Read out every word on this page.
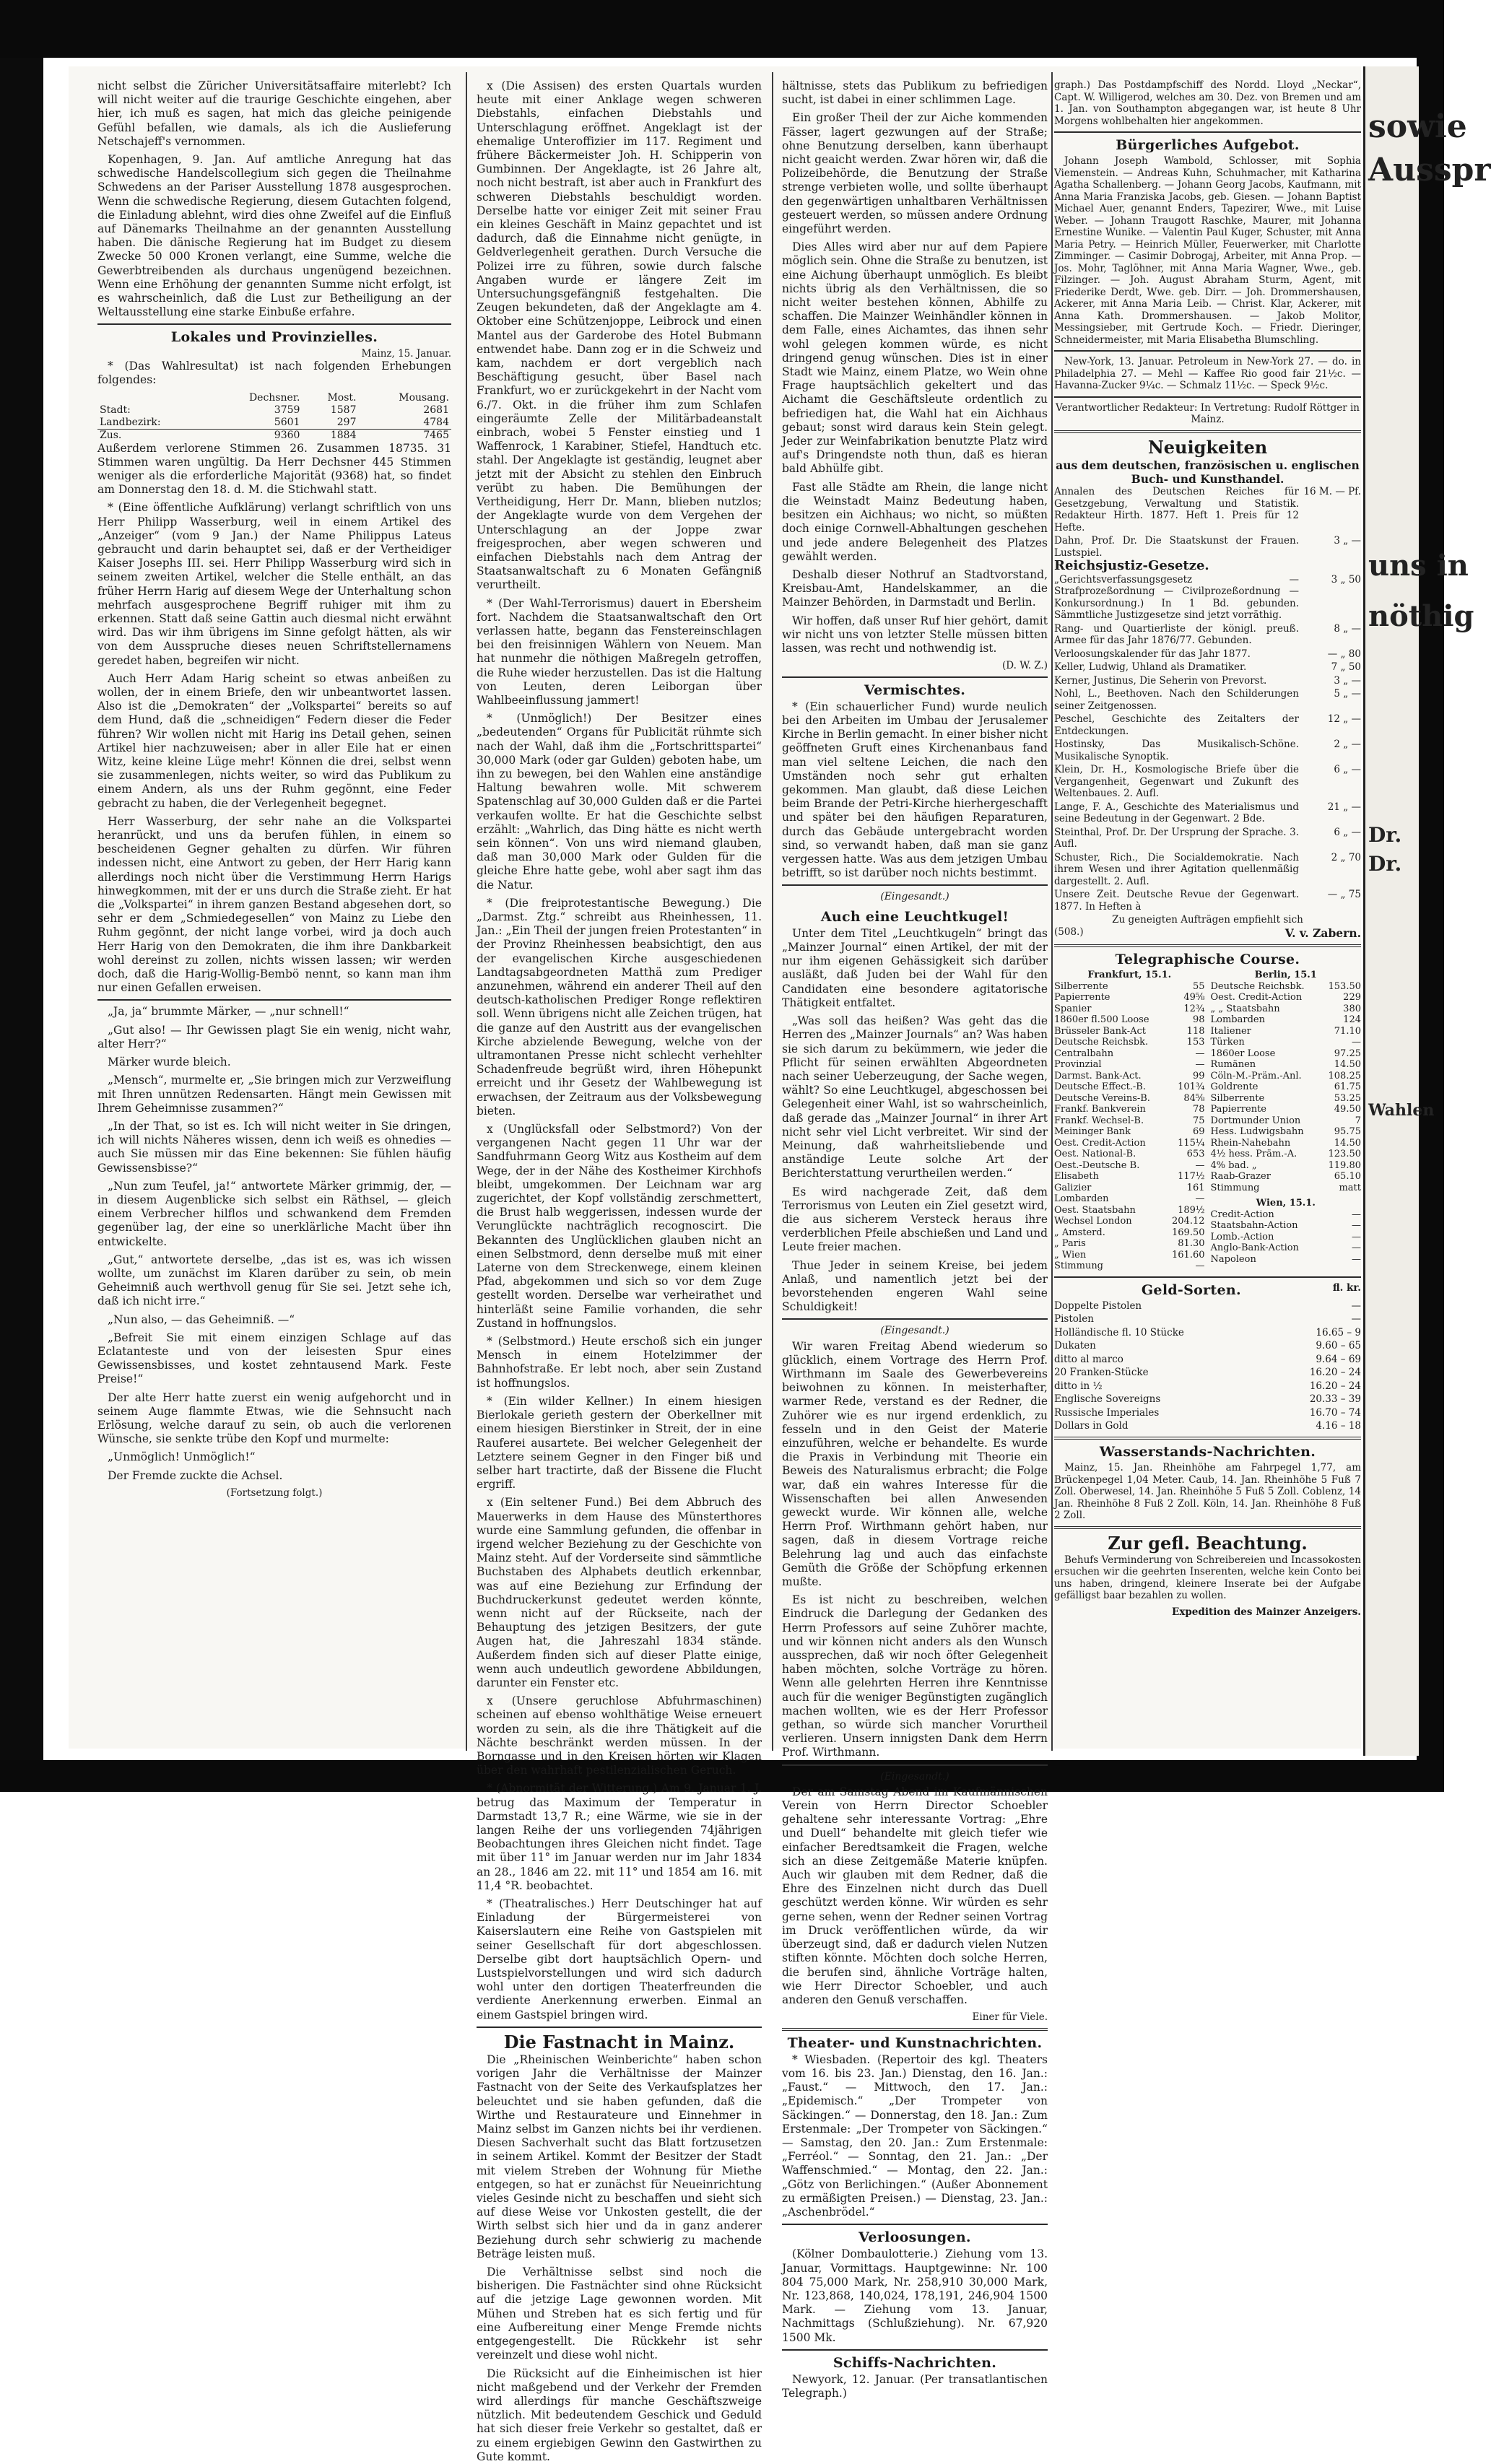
sowie
Ausspr
uns in
nöthig
Wahlen
Dr.
Dr.

nicht selbst die Züricher Universitätsaffaire miterlebt? Ich will nicht weiter auf die traurige Geschichte eingehen, aber hier, ich muß es sagen, hat mich das gleiche peinigende Gefühl befallen, wie damals, als ich die Auslieferung Netschajeff's vernommen.

Kopenhagen, 9. Jan. Auf amtliche Anregung hat das schwedische Handelscollegium sich gegen die Theilnahme Schwedens an der Pariser Ausstellung 1878 ausgesprochen. Wenn die schwedische Regierung, diesem Gutachten folgend, die Einladung ablehnt, wird dies ohne Zweifel auf die Einfluß auf Dänemarks Theilnahme an der genannten Ausstellung haben. Die dänische Regierung hat im Budget zu diesem Zwecke 50 000 Kronen verlangt, eine Summe, welche die Gewerbtreibenden als durchaus ungenügend bezeichnen. Wenn eine Erhöhung der genannten Summe nicht erfolgt, ist es wahrscheinlich, daß die Lust zur Betheiligung an der Weltausstellung eine starke Einbuße erfahre.

Lokales und Provinzielles.
Mainz, 15. Januar.

* (Das Wahlresultat) ist nach folgenden Erhebungen folgendes:

	Dechsner.	Most.	Mousang.
Stadt:	3759	1587	2681
Landbezirk:	5601	297	4784
Zus.	9360	1884	7465

Außerdem verlorene Stimmen 26. Zusammen 18735. 31 Stimmen waren ungültig. Da Herr Dechsner 445 Stimmen weniger als die erforderliche Majorität (9368) hat, so findet am Donnerstag den 18. d. M. die Stichwahl statt.

* (Eine öffentliche Aufklärung) verlangt schriftlich von uns Herr Philipp Wasserburg, weil in einem Artikel des „Anzeiger“ (vom 9 Jan.) der Name Philippus Lateus gebraucht und darin behauptet sei, daß er der Vertheidiger Kaiser Josephs III. sei. Herr Philipp Wasserburg wird sich in seinem zweiten Artikel, welcher die Stelle enthält, an das früher Herrn Harig auf diesem Wege der Unterhaltung schon mehrfach ausgesprochene Begriff ruhiger mit ihm zu erkennen. Statt daß seine Gattin auch diesmal nicht erwähnt wird. Das wir ihm übrigens im Sinne gefolgt hätten, als wir von dem Ausspruche dieses neuen Schriftstellernamens geredet haben, begreifen wir nicht.

Auch Herr Adam Harig scheint so etwas anbeißen zu wollen, der in einem Briefe, den wir unbeantwortet lassen. Also ist die „Demokraten“ der „Volkspartei“ bereits so auf dem Hund, daß die „schneidigen“ Federn dieser die Feder führen? Wir wollen nicht mit Harig ins Detail gehen, seinen Artikel hier nachzuweisen; aber in aller Eile hat er einen Witz, keine kleine Lüge mehr! Können die drei, selbst wenn sie zusammenlegen, nichts weiter, so wird das Publikum zu einem Andern, als uns der Ruhm gegönnt, eine Feder gebracht zu haben, die der Verlegenheit begegnet.

Herr Wasserburg, der sehr nahe an die Volkspartei heranrückt, und uns da berufen fühlen, in einem so bescheidenen Gegner gehalten zu dürfen. Wir führen indessen nicht, eine Antwort zu geben, der Herr Harig kann allerdings noch nicht über die Verstimmung Herrn Harigs hinwegkommen, mit der er uns durch die Straße zieht. Er hat die „Volkspartei“ in ihrem ganzen Bestand abgesehen dort, so sehr er dem „Schmiedegesellen“ von Mainz zu Liebe den Ruhm gegönnt, der nicht lange vorbei, wird ja doch auch Herr Harig von den Demokraten, die ihm ihre Dankbarkeit wohl dereinst zu zollen, nichts wissen lassen; wir werden doch, daß die Harig-Wollig-Bembö nennt, so kann man ihm nur einen Gefallen erweisen.

„Ja, ja“ brummte Märker, — „nur schnell!“

„Gut also! — Ihr Gewissen plagt Sie ein wenig, nicht wahr, alter Herr?“

Märker wurde bleich.

„Mensch“, murmelte er, „Sie bringen mich zur Verzweiflung mit Ihren unnützen Redensarten. Hängt mein Gewissen mit Ihrem Geheimnisse zusammen?“

„In der That, so ist es. Ich will nicht weiter in Sie dringen, ich will nichts Näheres wissen, denn ich weiß es ohnedies — auch Sie müssen mir das Eine bekennen: Sie fühlen häufig Gewissensbisse?“

„Nun zum Teufel, ja!“ antwortete Märker grimmig, der, — in diesem Augenblicke sich selbst ein Räthsel, — gleich einem Verbrecher hilflos und schwankend dem Fremden gegenüber lag, der eine so unerklärliche Macht über ihn entwickelte.

„Gut,“ antwortete derselbe, „das ist es, was ich wissen wollte, um zunächst im Klaren darüber zu sein, ob mein Geheimniß auch werthvoll genug für Sie sei. Jetzt sehe ich, daß ich nicht irre.“

„Nun also, — das Geheimniß. —“

„Befreit Sie mit einem einzigen Schlage auf das Eclatanteste und von der leisesten Spur eines Gewissensbisses, und kostet zehntausend Mark. Feste Preise!“

Der alte Herr hatte zuerst ein wenig aufgehorcht und in seinem Auge flammte Etwas, wie die Sehnsucht nach Erlösung, welche darauf zu sein, ob auch die verlorenen Wünsche, sie senkte trübe den Kopf und murmelte:

„Unmöglich! Unmöglich!“

Der Fremde zuckte die Achsel.

(Fortsetzung folgt.)

x (Die Assisen) des ersten Quartals wurden heute mit einer Anklage wegen schweren Diebstahls, einfachen Diebstahls und Unterschlagung eröffnet. Angeklagt ist der ehemalige Unteroffizier im 117. Regiment und frühere Bäckermeister Joh. H. Schipperin von Gumbinnen. Der Angeklagte, ist 26 Jahre alt, noch nicht bestraft, ist aber auch in Frankfurt des schweren Diebstahls beschuldigt worden. Derselbe hatte vor einiger Zeit mit seiner Frau ein kleines Geschäft in Mainz gepachtet und ist dadurch, daß die Einnahme nicht genügte, in Geldverlegenheit gerathen. Durch Versuche die Polizei irre zu führen, sowie durch falsche Angaben wurde er längere Zeit im Untersuchungsgefängniß festgehalten. Die Zeugen bekundeten, daß der Angeklagte am 4. Oktober eine Schützenjoppe, Leibrock und einen Mantel aus der Garderobe des Hotel Bubmann entwendet habe. Dann zog er in die Schweiz und kam, nachdem er dort vergeblich nach Beschäftigung gesucht, über Basel nach Frankfurt, wo er zurückgekehrt in der Nacht vom 6./7. Okt. in die früher ihm zum Schlafen eingeräumte Zelle der Militärbadeanstalt einbrach, wobei 5 Fenster einstieg und 1 Waffenrock, 1 Karabiner, Stiefel, Handtuch etc. stahl. Der Angeklagte ist geständig, leugnet aber jetzt mit der Absicht zu stehlen den Einbruch verübt zu haben. Die Bemühungen der Vertheidigung, Herr Dr. Mann, blieben nutzlos; der Angeklagte wurde von dem Vergehen der Unterschlagung an der Joppe zwar freigesprochen, aber wegen schweren und einfachen Diebstahls nach dem Antrag der Staatsanwaltschaft zu 6 Monaten Gefängniß verurtheilt.

* (Der Wahl-Terrorismus) dauert in Ebersheim fort. Nachdem die Staatsanwaltschaft den Ort verlassen hatte, begann das Fenstereinschlagen bei den freisinnigen Wählern von Neuem. Man hat nunmehr die nöthigen Maßregeln getroffen, die Ruhe wieder herzustellen. Das ist die Haltung von Leuten, deren Leiborgan über Wahlbeeinflussung jammert!

* (Unmöglich!) Der Besitzer eines „bedeutenden“ Organs für Publicität rühmte sich nach der Wahl, daß ihm die „Fortschrittspartei“ 30,000 Mark (oder gar Gulden) geboten habe, um ihn zu bewegen, bei den Wahlen eine anständige Haltung bewahren wolle. Mit schwerem Spatenschlag auf 30,000 Gulden daß er die Partei verkaufen wollte. Er hat die Geschichte selbst erzählt: „Wahrlich, das Ding hätte es nicht werth sein können“. Von uns wird niemand glauben, daß man 30,000 Mark oder Gulden für die gleiche Ehre hatte gebe, wohl aber sagt ihm das die Natur.

* (Die freiprotestantische Bewegung.) Die „Darmst. Ztg.“ schreibt aus Rheinhessen, 11. Jan.: „Ein Theil der jungen freien Protestanten“ in der Provinz Rheinhessen beabsichtigt, den aus der evangelischen Kirche ausgeschiedenen Landtagsabgeordneten Matthä zum Prediger anzunehmen, während ein anderer Theil auf den deutsch-katholischen Prediger Ronge reflektiren soll. Wenn übrigens nicht alle Zeichen trügen, hat die ganze auf den Austritt aus der evangelischen Kirche abzielende Bewegung, welche von der ultramontanen Presse nicht schlecht verhehlter Schadenfreude begrüßt wird, ihren Höhepunkt erreicht und ihr Gesetz der Wahlbewegung ist erwachsen, der Zeitraum aus der Volksbewegung bieten.

x (Unglücksfall oder Selbstmord?) Von der vergangenen Nacht gegen 11 Uhr war der Sandfuhrmann Georg Witz aus Kostheim auf dem Wege, der in der Nähe des Kostheimer Kirchhofs bleibt, umgekommen. Der Leichnam war arg zugerichtet, der Kopf vollständig zerschmettert, die Brust halb weggerissen, indessen wurde der Verunglückte nachträglich recognoscirt. Die Bekannten des Unglücklichen glauben nicht an einen Selbstmord, denn derselbe muß mit einer Laterne von dem Streckenwege, einem kleinen Pfad, abgekommen und sich so vor dem Zuge gestellt worden. Derselbe war verheirathet und hinterläßt seine Familie vorhanden, die sehr Zustand in hoffnungslos.

* (Selbstmord.) Heute erschoß sich ein junger Mensch in einem Hotelzimmer der Bahnhofstraße. Er lebt noch, aber sein Zustand ist hoffnungslos.

* (Ein wilder Kellner.) In einem hiesigen Bierlokale gerieth gestern der Oberkellner mit einem hiesigen Bierstinker in Streit, der in eine Rauferei ausartete. Bei welcher Gelegenheit der Letztere seinem Gegner in den Finger biß und selber hart tractirte, daß der Bissene die Flucht ergriff.

x (Ein seltener Fund.) Bei dem Abbruch des Mauerwerks in dem Hause des Münsterthores wurde eine Sammlung gefunden, die offenbar in irgend welcher Beziehung zu der Geschichte von Mainz steht. Auf der Vorderseite sind sämmtliche Buchstaben des Alphabets deutlich erkennbar, was auf eine Beziehung zur Erfindung der Buchdruckerkunst gedeutet werden könnte, wenn nicht auf der Rückseite, nach der Behauptung des jetzigen Besitzers, der gute Augen hat, die Jahreszahl 1834 stände. Außerdem finden sich auf dieser Platte einige, wenn auch undeutlich gewordene Abbildungen, darunter ein Fenster etc.

x (Unsere geruchlose Abfuhrmaschinen) scheinen auf ebenso wohlthätige Weise erneuert worden zu sein, als die ihre Thätigkeit auf die Nächte beschränkt werden müssen. In der Borngasse und in den Kreisen hörten wir Klagen über den wahrhaft pestilenzialischen Geruch.

* (Abnormität der Witterung.) Am 9. Januar 1. J. betrug das Maximum der Temperatur in Darmstadt 13,7 R.; eine Wärme, wie sie in der langen Reihe der uns vorliegenden 74jährigen Beobachtungen ihres Gleichen nicht findet. Tage mit über 11° im Januar werden nur im Jahr 1834 an 28., 1846 am 22. mit 11° und 1854 am 16. mit 11,4 °R. beobachtet.

* (Theatralisches.) Herr Deutschinger hat auf Einladung der Bürgermeisterei von Kaiserslautern eine Reihe von Gastspielen mit seiner Gesellschaft für dort abgeschlossen. Derselbe gibt dort hauptsächlich Opern- und Lustspielvorstellungen und wird sich dadurch wohl unter den dortigen Theaterfreunden die verdiente Anerkennung erwerben. Einmal an einem Gastspiel bringen wird.

Die Fastnacht in Mainz.

Die „Rheinischen Weinberichte“ haben schon vorigen Jahr die Verhältnisse der Mainzer Fastnacht von der Seite des Verkaufsplatzes her beleuchtet und sie haben gefunden, daß die Wirthe und Restaurateure und Einnehmer in Mainz selbst im Ganzen nichts bei ihr verdienen. Diesen Sachverhalt sucht das Blatt fortzusetzen in seinem Artikel. Kommt der Besitzer der Stadt mit vielem Streben der Wohnung für Miethe entgegen, so hat er zunächst für Neueinrichtung vieles Gesinde nicht zu beschaffen und sieht sich auf diese Weise vor Unkosten gestellt, die der Wirth selbst sich hier und da in ganz anderer Beziehung durch sehr schwierig zu machende Beträge leisten muß.

Die Verhältnisse selbst sind noch die bisherigen. Die Fastnächter sind ohne Rücksicht auf die jetzige Lage gewonnen worden. Mit Mühen und Streben hat es sich fertig und für eine Aufbereitung einer Menge Fremde nichts entgegengestellt. Die Rückkehr ist sehr vereinzelt und diese wohl nicht.

Die Rücksicht auf die Einheimischen ist hier nicht maßgebend und der Verkehr der Fremden wird allerdings für manche Geschäftszweige nützlich. Mit bedeutendem Geschick und Geduld hat sich dieser freie Verkehr so gestaltet, daß er zu einem ergiebigen Gewinn den Gastwirthen zu Gute kommt.

hältnisse, stets das Publikum zu befriedigen sucht, ist dabei in einer schlimmen Lage.

Ein großer Theil der zur Aiche kommenden Fässer, lagert gezwungen auf der Straße; ohne Benutzung derselben, kann überhaupt nicht geaicht werden. Zwar hören wir, daß die Polizeibehörde, die Benutzung der Straße strenge verbieten wolle, und sollte überhaupt den gegenwärtigen unhaltbaren Verhältnissen gesteuert werden, so müssen andere Ordnung eingeführt werden.

Dies Alles wird aber nur auf dem Papiere möglich sein. Ohne die Straße zu benutzen, ist eine Aichung überhaupt unmöglich. Es bleibt nichts übrig als den Verhältnissen, die so nicht weiter bestehen können, Abhilfe zu schaffen. Die Mainzer Weinhändler können in dem Falle, eines Aichamtes, das ihnen sehr wohl gelegen kommen würde, es nicht dringend genug wünschen. Dies ist in einer Stadt wie Mainz, einem Platze, wo Wein ohne Frage hauptsächlich gekeltert und das Aichamt die Geschäftsleute ordentlich zu befriedigen hat, die Wahl hat ein Aichhaus gebaut; sonst wird daraus kein Stein gelegt. Jeder zur Weinfabrikation benutzte Platz wird auf's Dringendste noth thun, daß es hieran bald Abhülfe gibt.

Fast alle Städte am Rhein, die lange nicht die Weinstadt Mainz Bedeutung haben, besitzen ein Aichhaus; wo nicht, so müßten doch einige Cornwell-Abhaltungen geschehen und jede andere Belegenheit des Platzes gewählt werden.

Deshalb dieser Nothruf an Stadtvorstand, Kreisbau-Amt, Handelskammer, an die Mainzer Behörden, in Darmstadt und Berlin.

Wir hoffen, daß unser Ruf hier gehört, damit wir nicht uns von letzter Stelle müssen bitten lassen, was recht und nothwendig ist.

(D. W. Z.)
Vermischtes.

* (Ein schauerlicher Fund) wurde neulich bei den Arbeiten im Umbau der Jerusalemer Kirche in Berlin gemacht. In einer bisher nicht geöffneten Gruft eines Kirchenanbaus fand man viel seltene Leichen, die nach den Umständen noch sehr gut erhalten gekommen. Man glaubt, daß diese Leichen beim Brande der Petri-Kirche hierhergeschafft und später bei den häufigen Reparaturen, durch das Gebäude untergebracht worden sind, so verwandt haben, daß man sie ganz vergessen hatte. Was aus dem jetzigen Umbau betrifft, so ist darüber noch nichts bestimmt.

(Eingesandt.)
Auch eine Leuchtkugel!

Unter dem Titel „Leuchtkugeln“ bringt das „Mainzer Journal“ einen Artikel, der mit der nur ihm eigenen Gehässigkeit sich darüber ausläßt, daß Juden bei der Wahl für den Candidaten eine besondere agitatorische Thätigkeit entfaltet.

„Was soll das heißen? Was geht das die Herren des „Mainzer Journals“ an? Was haben sie sich darum zu bekümmern, wie jeder die Pflicht für seinen erwählten Abgeordneten nach seiner Ueberzeugung, der Sache wegen, wählt? So eine Leuchtkugel, abgeschossen bei Gelegenheit einer Wahl, ist so wahrscheinlich, daß gerade das „Mainzer Journal“ in ihrer Art nicht sehr viel Licht verbreitet. Wir sind der Meinung, daß wahrheitsliebende und anständige Leute solche Art der Berichterstattung verurtheilen werden.“

Es wird nachgerade Zeit, daß dem Terrorismus von Leuten ein Ziel gesetzt wird, die aus sicherem Versteck heraus ihre verderblichen Pfeile abschießen und Land und Leute freier machen.

Thue Jeder in seinem Kreise, bei jedem Anlaß, und namentlich jetzt bei der bevorstehenden engeren Wahl seine Schuldigkeit!

(Eingesandt.)

Wir waren Freitag Abend wiederum so glücklich, einem Vortrage des Herrn Prof. Wirthmann im Saale des Gewerbevereins beiwohnen zu können. In meisterhafter, warmer Rede, verstand es der Redner, die Zuhörer wie es nur irgend erdenklich, zu fesseln und in den Geist der Materie einzuführen, welche er behandelte. Es wurde die Praxis in Verbindung mit Theorie ein Beweis des Naturalismus erbracht; die Folge war, daß ein wahres Interesse für die Wissenschaften bei allen Anwesenden geweckt wurde. Wir können alle, welche Herrn Prof. Wirthmann gehört haben, nur sagen, daß in diesem Vortrage reiche Belehrung lag und auch das einfachste Gemüth die Größe der Schöpfung erkennen mußte.

Es ist nicht zu beschreiben, welchen Eindruck die Darlegung der Gedanken des Herrn Professors auf seine Zuhörer machte, und wir können nicht anders als den Wunsch aussprechen, daß wir noch öfter Gelegenheit haben möchten, solche Vorträge zu hören. Wenn alle gelehrten Herren ihre Kenntnisse auch für die weniger Begünstigten zugänglich machen wollten, wie es der Herr Professor gethan, so würde sich mancher Vorurtheil verlieren. Unsern innigsten Dank dem Herrn Prof. Wirthmann.

(Eingesandt.)

Der am Samstag Abend im Kaufmännischen Verein von Herrn Director Schoebler gehaltene sehr interessante Vortrag: „Ehre und Duell“ behandelte mit gleich tiefer wie einfacher Beredtsamkeit die Fragen, welche sich an diese Zeitgemäße Materie knüpfen. Auch wir glauben mit dem Redner, daß die Ehre des Einzelnen nicht durch das Duell geschützt werden könne. Wir würden es sehr gerne sehen, wenn der Redner seinen Vortrag im Druck veröffentlichen würde, da wir überzeugt sind, daß er dadurch vielen Nutzen stiften könnte. Möchten doch solche Herren, die berufen sind, ähnliche Vorträge halten, wie Herr Director Schoebler, und auch anderen den Genuß verschaffen.

Einer für Viele.
Theater- und Kunstnachrichten.

* Wiesbaden. (Repertoir des kgl. Theaters vom 16. bis 23. Jan.) Dienstag, den 16. Jan.: „Faust.“ — Mittwoch, den 17. Jan.: „Epidemisch.“ „Der Trompeter von Säckingen.“ — Donnerstag, den 18. Jan.: Zum Erstenmale: „Der Trompeter von Säckingen.“ — Samstag, den 20. Jan.: Zum Erstenmale: „Ferréol.“ — Sonntag, den 21. Jan.: „Der Waffenschmied.“ — Montag, den 22. Jan.: „Götz von Berlichingen.“ (Außer Abonnement zu ermäßigten Preisen.) — Dienstag, 23. Jan.: „Aschenbrödel.“

Verloosungen.

(Kölner Dombaulotterie.) Ziehung vom 13. Januar, Vormittags. Hauptgewinne: Nr. 100 804 75,000 Mark, Nr. 258,910 30,000 Mark, Nr. 123,868, 140,024, 178,191, 246,904 1500 Mark. — Ziehung vom 13. Januar, Nachmittags (Schlußziehung). Nr. 67,920 1500 Mk.

Schiffs-Nachrichten.

Newyork, 12. Januar. (Per transatlantischen Telegraph.)

graph.) Das Postdampfschiff des Nordd. Lloyd „Neckar“, Capt. W. Willigerod, welches am 30. Dez. von Bremen und am 1. Jan. von Southampton abgegangen war, ist heute 8 Uhr Morgens wohlbehalten hier angekommen.

Bürgerliches Aufgebot.

Johann Joseph Wambold, Schlosser, mit Sophia Viemenstein. — Andreas Kuhn, Schuhmacher, mit Katharina Agatha Schallenberg. — Johann Georg Jacobs, Kaufmann, mit Anna Maria Franziska Jacobs, geb. Giesen. — Johann Baptist Michael Auer, genannt Enders, Tapezirer, Wwe., mit Luise Weber. — Johann Traugott Raschke, Maurer, mit Johanna Ernestine Wunike. — Valentin Paul Kuger, Schuster, mit Anna Maria Petry. — Heinrich Müller, Feuerwerker, mit Charlotte Zimminger. — Casimir Dobrogaj, Arbeiter, mit Anna Prop. — Jos. Mohr, Taglöhner, mit Anna Maria Wagner, Wwe., geb. Filzinger. — Joh. August Abraham Sturm, Agent, mit Friederike Derdt, Wwe. geb. Dirr. — Joh. Drommershausen, Ackerer, mit Anna Maria Leib. — Christ. Klar, Ackerer, mit Anna Kath. Drommershausen. — Jakob Molitor, Messingsieber, mit Gertrude Koch. — Friedr. Dieringer, Schneidermeister, mit Maria Elisabetha Blumschling.

New-York, 13. Januar. Petroleum in New-York 27. — do. in Philadelphia 27. — Mehl — Kaffee Rio good fair 21½c. — Havanna-Zucker 9¼c. — Schmalz 11½c. — Speck 9½c.

Verantwortlicher Redakteur: In Vertretung: Rudolf Röttger in Mainz.
Neuigkeiten
aus dem deutschen, französischen u. englischen Buch- und Kunsthandel.
Annalen des Deutschen Reiches für Gesetzgebung, Verwaltung und Statistik. Redakteur Hirth. 1877. Heft 1. Preis für 12 Hefte.
16 M. — Pf.
Dahn, Prof. Dr. Die Staatskunst der Frauen. Lustspiel.
3 „ —
Reichsjustiz-Gesetze.
„Gerichtsverfassungsgesetz — Strafprozeßordnung — Civilprozeßordnung — Konkursordnung.) In 1 Bd. gebunden. Sämmtliche Justizgesetze sind jetzt vorräthig.
3 „ 50
Rang- und Quartierliste der königl. preuß. Armee für das Jahr 1876/77. Gebunden.
8 „ —
Verloosungskalender für das Jahr 1877.	— „ 80
Keller, Ludwig, Uhland als Dramatiker.	7 „ 50
Kerner, Justinus, Die Seherin von Prevorst.	3 „ —
Nohl, L., Beethoven. Nach den Schilderungen seiner Zeitgenossen.
5 „ —
Peschel, Geschichte des Zeitalters der Entdeckungen.
12 „ —
Hostinsky, Das Musikalisch-Schöne. Musikalische Synoptik.
2 „ —
Klein, Dr. H., Kosmologische Briefe über die Vergangenheit, Gegenwart und Zukunft des Weltenbaues. 2. Aufl.
6 „ —
Lange, F. A., Geschichte des Materialismus und seine Bedeutung in der Gegenwart. 2 Bde.
21 „ —
Steinthal, Prof. Dr. Der Ursprung der Sprache. 3. Aufl.
6 „ —
Schuster, Rich., Die Socialdemokratie. Nach ihrem Wesen und ihrer Agitation quellenmäßig dargestellt. 2. Aufl.
2 „ 70
Unsere Zeit. Deutsche Revue der Gegenwart. 1877. In Heften à
— „ 75
Zu geneigten Aufträgen empfiehlt sich
(508.)	V. v. Zabern.
Telegraphische Course.
Frankfurt, 15.1.
Silberrente	55
Papierrente	49⅝
Spanier	12¾
1860er fl.500 Loose	98
Brüsseler Bank-Act	118
Deutsche Reichsbk.	153
Centralbahn	—
Provinzial	—
Darmst. Bank-Act.	99
Deutsche Effect.-B.	101¾
Deutsche Vereins-B.	84⅝
Frankf. Bankverein	78
Frankf. Wechsel-B.	75
Meininger Bank	69
Oest. Credit-Action	115¼
Oest. National-B.	653
Oest.-Deutsche B.	—
Elisabeth	117½
Galizier	161
Lombarden	—
Oest. Staatsbahn	189½
Wechsel London	204.12
„ Amsterd.	169.50
„ Paris	81.30
„ Wien	161.60
Stimmung	—
Berlin, 15.1
Deutsche Reichsbk.	153.50
Oest. Credit-Action	229
„ „ Staatsbahn	380
Lombarden	124
Italiener	71.10
Türken	—
1860er Loose	97.25
Rumänen	14.50
Cöln-M.-Präm.-Anl.	108.25
Goldrente	61.75
Silberrente	53.25
Papierrente	49.50
Dortmunder Union	7
Hess. Ludwigsbahn	95.75
Rhein-Nahebahn	14.50
4½ hess. Präm.-A.	123.50
4% bad. „	119.80
Raab-Grazer	65.10
Stimmung	matt
Wien, 15.1.
Credit-Action	—
Staatsbahn-Action	—
Lomb.-Action	—
Anglo-Bank-Action	—
Napoleon	—
Geld-Sorten.	fl. kr.
Doppelte Pistolen	—
Pistolen	—
Holländische fl. 10 Stücke	16.65 – 9
Dukaten	9.60 – 65
ditto al marco	9.64 – 69
20 Franken-Stücke	16.20 – 24
ditto in ½	16.20 – 24
Englische Sovereigns	20.33 – 39
Russische Imperiales	16.70 – 74
Dollars in Gold	4.16 – 18
Wasserstands-Nachrichten.

Mainz, 15. Jan. Rheinhöhe am Fahrpegel 1,77, am Brückenpegel 1,04 Meter. Caub, 14. Jan. Rheinhöhe 5 Fuß 7 Zoll. Oberwesel, 14. Jan. Rheinhöhe 5 Fuß 5 Zoll. Coblenz, 14 Jan. Rheinhöhe 8 Fuß 2 Zoll. Köln, 14. Jan. Rheinhöhe 8 Fuß 2 Zoll.

Zur gefl. Beachtung.

Behufs Verminderung von Schreibereien und Incassokosten ersuchen wir die geehrten Inserenten, welche kein Conto bei uns haben, dringend, kleinere Inserate bei der Aufgabe gefälligst baar bezahlen zu wollen.

Expedition des Mainzer Anzeigers.
